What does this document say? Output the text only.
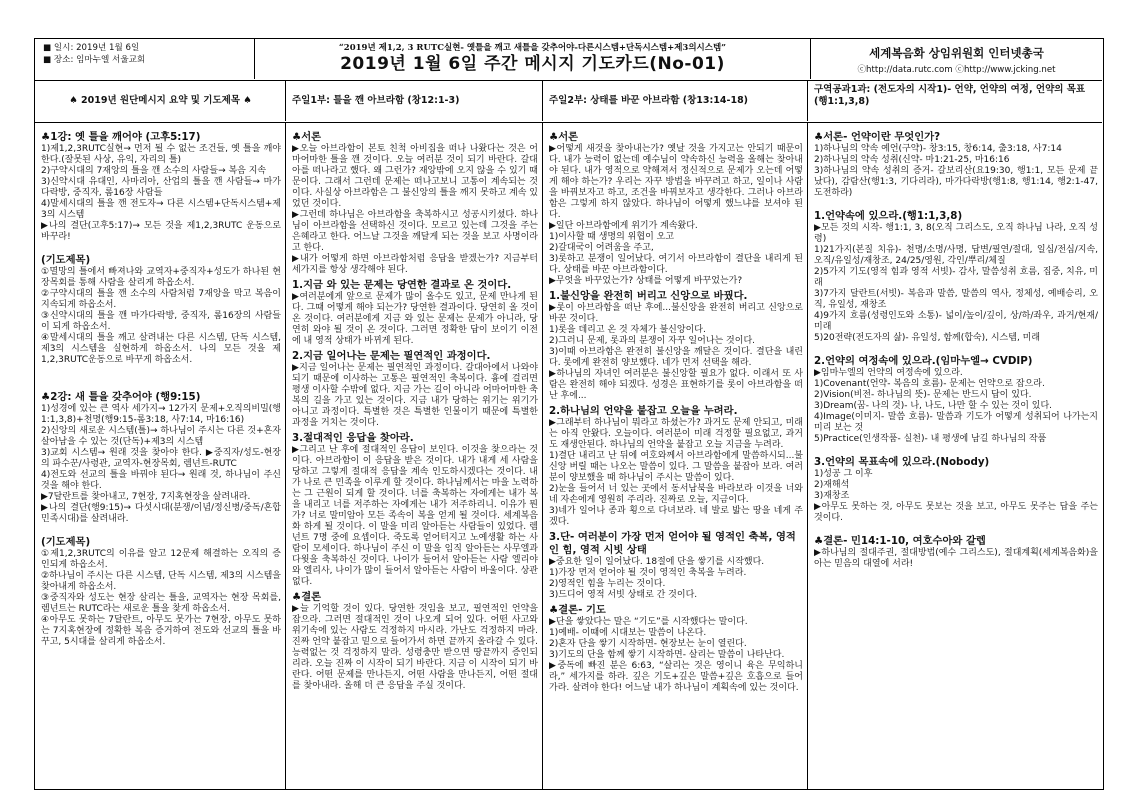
■ 일시: 2019년 1월 6일
■ 장소: 임마누엘 서울교회
“2019년 제1,2, 3 RUTC실현- 옛틀을 깨고 새틀을 갖추어야-다른시스템+단독시스템+제3의시스템”
2019년 1월 6일 주간 메시지 기도카드(No-01)
세계복음화 상임위원회 인터넷총국
ⓒhttp://data.rutc.com ⓒhttp://www.jcking.net
♠ 2019년 원단메시지 요약 및 기도제목 ♠	주일1부: 틀을 깬 아브라함 (창12:1-3)	주일2부: 상태를 바꾼 아브라함 (창13:14-18)
구역공과1과: (전도자의 시작1)- 언약, 언약의 여정, 언약의 목표 (행1:1,3,8)
♣1강: 옛 틀을 깨어야 (고후5:17)
1)제1,2,3RUTC실현→ 먼저 될 수 없는 조건들, 옛 틀을 깨야 한다.(잘못된 사상, 유익, 자리의 틀)
2)구약시대의 7재앙의 틀을 깬 소수의 사람들→ 복음 지속
3)신약시대 유대인, 사마리아, 산업의 틀을 깬 사람들→ 마가다락방, 중직자, 롬16장 사람들
4)말세시대의 틀을 깬 전도자→ 다른 시스템+단독시스템+제3의 시스템
▶나의 결단(고후5:17)→ 모든 것을 제1,2,3RUTC 운동으로 바꾸라!
(기도제목)
①멸망의 틀에서 빠져나와 교역자+중직자+성도가 하나된 현장목회를 통해 사람을 살리게 하옵소서.
②구약시대의 틀을 깬 소수의 사람처럼 7재앙을 막고 복음이 지속되게 하옵소서.
③신약시대의 틀을 깬 마가다락방, 중직자, 롬16장의 사람들이 되게 하옵소서.
④말세시대의 틀을 깨고 살려내는 다른 시스템, 단독 시스템, 제3의 시스템을 실현하게 하옵소서. 나의 모든 것을 제1,2,3RUTC운동으로 바꾸게 하옵소서.
♣2강: 새 틀을 갖추어야 (행9:15)
1)성경에 있는 큰 역사 세가지→ 12가지 문제+오직의비밀(행1:1,3,8)+천명(행9:15-롬3:18, 사7:14, 마16:16)
2)신앙의 새로운 시스템(틀)→ 하나님이 주시는 다른 것+혼자 살아남을 수 있는 것(단독)+제3의 시스템
3)교회 시스템→ 원래 것을 찾아야 한다. ▶중직자/성도-현장의 파수꾼/사령관, 교역자-현장목회, 렘넌트-RUTC
4)전도와 선교의 틀을 바꿔야 된다→ 원래 것, 하나님이 주신 것을 해야 한다.
▶7달란트를 찾아내고, 7현장, 7지혹현장을 살려내라.
▶나의 결단(행9:15)→ 다섯시대(분쟁/이념/정신병/중독/혼합민족시대)를 살려내라.
(기도제목)
①제1,2,3RUTC의 이유를 알고 12문제 해결하는 오직의 증인되게 하옵소서.
②하나님이 주시는 다른 시스템, 단독 시스템, 제3의 시스템을 찾아내게 하옵소서.
③중직자와 성도는 현장 살리는 틀을, 교역자는 현장 목회를, 렘넌트는 RUTC라는 새로운 틀을 찾게 하옵소서.
④아무도 못하는 7달란트, 아무도 못가는 7현장, 아무도 못하는 7지혹현장에 정확한 복음 증거하여 전도와 선교의 틀을 바꾸고, 5시대를 살리게 하옵소서.
♣서론
▶오늘 아브라함이 본토 친척 아비집을 떠나 나왔다는 것은 어마어마한 틀을 깬 것이다. 오늘 여러분 것이 되기 바란다. 갈대아를 떠나라고 했다. 왜 그런가? 재앙밖에 오지 않을 수 있기 때문이다. 그래서 그런데 문제는 떠나고보니 고통이 계속되는 것이다. 사실상 아브라함은 그 불신앙의 틀을 깨지 못하고 계속 있었던 것이다.
▶그런데 하나님은 아브라함을 축복하시고 성공시키셨다. 하나님이 아브라함을 선택하신 것이다. 모르고 있는데 그것을 주는 은혜라고 한다. 어느날 그것을 깨달게 되는 것을 보고 사명이라고 한다.
▶내가 어떻게 하면 아브라함처럼 응답을 받겠는가? 지금부터 세가지를 항상 생각해야 된다.
1.지금 와 있는 문제는 당연한 결과로 온 것이다.
▶여러분에게 앞으로 문제가 많이 올수도 있고, 문제 만나게 된다. 그때 어떻게 해야 되는가? 당연한 결과이다. 당연히 올 것이 온 것이다. 여러분에게 지금 와 있는 문제는 문제가 아니라, 당연히 와야 될 것이 온 것이다. 그러면 정확한 답이 보이기 이전에 내 영적 상태가 바뀌게 된다.
2.지금 일어나는 문제는 필연적인 과정이다.
▶지금 일어나는 문제는 필연적인 과정이다. 갈대아에서 나와야 되기 때문에 이사하는 고통은 필연적인 축복이다. 흉에 걸리면 평생 이사할 수밖에 없다. 지금 가는 길이 아니라 어마어마한 축복의 길을 가고 있는 것이다. 지금 내가 당하는 위기는 위기가 아니고 과정이다. 특별한 것은 특별한 인물이기 때문에 특별한 과정을 거치는 것이다.
3.절대적인 응답을 찾아라.
▶그리고 난 후에 절대적인 응답이 보인다. 이것을 찾으라는 것이다. 아브라함이 이 응답을 받은 것이다. 내가 내게 세 사람을 당하고 그렇게 절대적 응답을 계속 인도하시겠다는 것이다. 내가 나로 큰 민족을 이루게 할 것이다. 하나님께서는 마을 노력하는 그 근원이 되게 할 것이다. 너를 축복하는 자에게는 내가 복을 내리고 너를 저주하는 자에게는 내가 저주하리니. 이유가 뭔가? 너로 말미암아 모든 족속이 복을 얻게 될 것이다. 세계복음화 하게 될 것이다. 이 말을 미리 알아듣는 사람들이 있었다. 렘넌트 7명 중에 요셉이다. 죽도록 얻어터지고 노예생활 하는 사람이 모세이다. 하나님이 주신 이 말을 임직 알아듣는 사무엘과 다윗을 축복하신 것이다. 나이가 들어서 알아듣는 사람 엘리야와 엘리사, 나이가 많이 들어서 알아듣는 사람이 바울이다. 상관없다.
♣결론
▶늘 기억할 것이 있다. 당연한 것임을 보고, 필연적인 언약을 잡으라. 그러면 절대적인 것이 나오게 되어 있다. 어떤 사고와 위기속에 있는 사람도 걱정하지 마시라. 가난도 걱정하지 마라. 진짜 언약 붙잡고 밑으로 들어가서 하면 끝까지 올라갈 수 있다. 능력없는 것 걱정하지 말라. 성령충만 받으면 땅끝까지 증인되리라. 오늘 진짜 이 시작이 되기 바란다. 지금 이 시작이 되기 바란다. 어떤 문제를 만나든지, 어떤 사람을 만나든지, 어떤 절대를 찾아내라. 올해 더 큰 응답을 주실 것이다.
♣서론
▶어떻게 새것을 찾아내는가? 옛날 것을 가지고는 안되기 때문이다. 내가 능력이 없는데 예수님이 약속하신 능력을 올해는 찾아내야 된다. 내가 영적으로 약해져서 정신적으로 문제가 오는데 어떻게 해야 하는가? 우리는 자꾸 방법을 바꾸려고 하고, 일이나 사람을 바꿔보자고 하고, 조건을 바꿔보자고 생각한다. 그러나 아브라함은 그렇게 하지 않았다. 하나님이 어떻게 했느냐를 보셔야 된다.
▶일단 아브라함에게 위기가 계속왔다.
1)이사할 때 생명의 위협이 오고
2)갈대국이 어려움을 주고,
3)롯하고 분쟁이 일어났다. 여기서 아브라함이 결단을 내리게 된다. 상태를 바꾼 아브라함이다.
▶무엇을 바꾸었는가? 상태를 어떻게 바꾸었는가?
1.불신앙을 완전히 버리고 신앙으로 바꿨다.
▶롯이 아브라함을 떠난 후에...불신앙을 완전히 버리고 신앙으로 바꾼 것이다.
1)롯을 데리고 온 것 자체가 불신앙이다.
2)그러니 문제, 롯과의 분쟁이 자꾸 일어나는 것이다.
3)이때 아브라함은 완전히 불신앙을 깨달은 것이다. 결단을 내린다. 롯에게 완전히 양보했다. 네가 먼저 선택을 해라.
▶하나님의 자녀인 여러분은 불신앙할 필요가 없다. 이래서 또 사람은 완전히 해야 되겠다. 성경은 표현하기를 롯이 아브라함을 떠난 후에...
2.하나님의 언약을 붙잡고 오늘을 누려라.
▶그래부터 하나님이 뭐라고 하셨는가? 과거도 문제 안되고, 미래는 아직 안왔다. 오늘이다. 여러분이 미래 걱정할 필요없고, 과거도 재생안된다. 하나님의 언약을 붙잡고 오늘 지금을 누려라.
1)결단 내리고 난 뒤에 여호와께서 아브라함에게 말씀하시되...불신앙 버릴 때는 나오는 말씀이 있다. 그 말씀을 붙잡아 보라. 여러분이 양보했을 때 하나님이 주시는 말씀이 있다.
2)눈을 들어서 너 있는 곳에서 동서남북을 바라보라 이것을 너와 네 자손에게 영원히 주리라. 진짜로 오늘, 지금이다.
3)네가 일어나 종과 횡으로 다녀보라. 네 발로 밟는 땅을 네게 주겠다.
3.단- 여러분이 가장 먼저 얻어야 될 영적인 축복, 영적인 힘, 영적 시빗 상태
▶중요한 일이 일어났다. 18절에 단을 쌓기를 시작했다.
1)가장 먼저 얻어야 될 것이 영적인 축복을 누려라.
2)영적인 힘을 누리는 것이다.
3)드디어 영적 서빗 상태로 간 것이다.
♣결론- 기도
▶단을 쌓았다는 말은 “기도”를 시작했다는 말이다.
1)예배- 이때에 시대보는 말씀이 나온다.
2)혼자 단을 쌓기 시작하면- 현장보는 눈이 열린다.
3)기도의 단을 함께 쌓기 시작하면- 살리는 말씀이 나타난다.
▶중독에 빠진 분은 6:63, “살리는 것은 영이니 육은 무익하니라,” 세가지를 하라. 깊은 기도+깊은 말씀+깊은 호흡으로 들어가라. 살려야 한다! 어느날 내가 하나님이 계획속에 있는 것이다.
♣서론- 언약이란 무엇인가?
1)하나님의 약속 예언(구약)- 창3:15, 창6:14, 출3:18, 사7:14
2)하나님의 약속 성취(신약- 마1:21-25, 마16:16
3)하나님의 약속 성취의 증거- 갈보리산(요19:30, 행1:1, 모든 문제 끝났다), 감람산(행1:3, 기다리라), 마가다락방(행1:8, 행1:14, 행2:1-47, 도전하라)
1.언약속에 있으라.(행1:1,3,8)
▶모든 것의 시작- 행1:1, 3, 8(오직 그리스도, 오직 하나님 나라, 오직 성령)
1)21가지(본질 치유)- 천명/소명/사명, 답변/필연/절대, 일심/전심/지속, 오직/유일성/재창조, 24/25/영원, 각인/뿌리/체질
2)5가지 기도(영적 힘과 영적 서빗)- 감사, 말씀성취 흐름, 집중, 치유, 미래
3)7가지 달란트(서빗)- 복음과 말씀, 말씀의 역사, 정체성, 예배승리, 오직, 유일성, 재창조
4)9가지 흐름(성령인도와 소통)- 넓이/높이/깊이, 상/하/좌우, 과거/현재/미래
5)20전략(전도자의 삶)- 유일성, 함께(합숙), 시스템, 미래
2.언약의 여정속에 있으라.(임마누엘→ CVDIP)
▶임마누엘의 언약의 여정속에 있으라.
1)Covenant(언약- 복음의 흐름)- 문제는 언약으로 잡으라.
2)Vision(비전- 하나님의 뜻)- 문제는 반드시 답이 있다.
3)Dream(꿈- 나의 것)- 나, 나도, 나만 할 수 있는 것이 있다.
4)Image(이미지- 말씀 흐름)- 말씀과 기도가 어떻게 성취되어 나가는지 미리 보는 것
5)Practice(인생작품- 실천)- 내 평생에 남길 하나님의 작품
3.언약의 목표속에 있으라.(Nobody)
1)성공 그 이후
2)재해석
3)재창조
▶아무도 못하는 것, 아무도 못보는 것을 보고, 아무도 못주는 답을 주는 것이다.
♣결론- 민14:1-10, 여호수아와 갈렙
▶하나님의 절대주권, 절대방법(예수 그리스도), 절대계획(세계복음화)을 아는 믿음의 대열에 서라!
